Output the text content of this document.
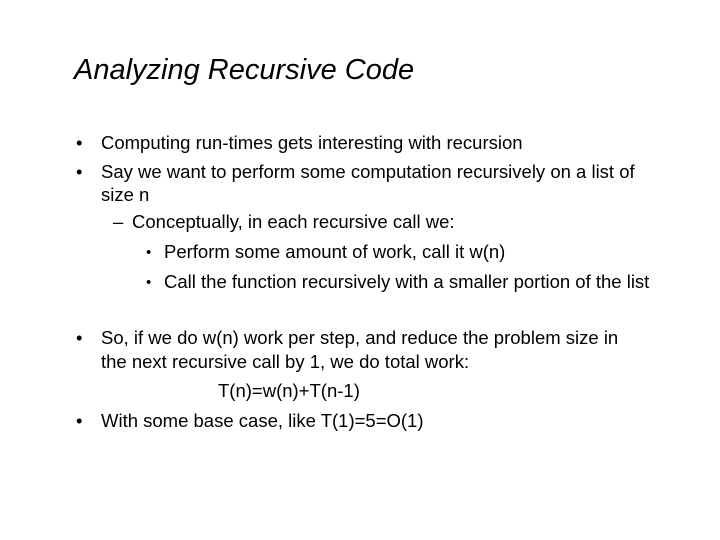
Analyzing Recursive Code
• Computing run-times gets interesting with recursion
• Say we want to perform some computation recursively on a list of
size n
– Conceptually, in each recursive call we:
• Perform some amount of work, call it w(n)
• Call the function recursively with a smaller portion of the list
• So, if we do w(n) work per step, and reduce the problem size in
the next recursive call by 1, we do total work:
T(n)=w(n)+T(n-1)
• With some base case, like T(1)=5=O(1)
